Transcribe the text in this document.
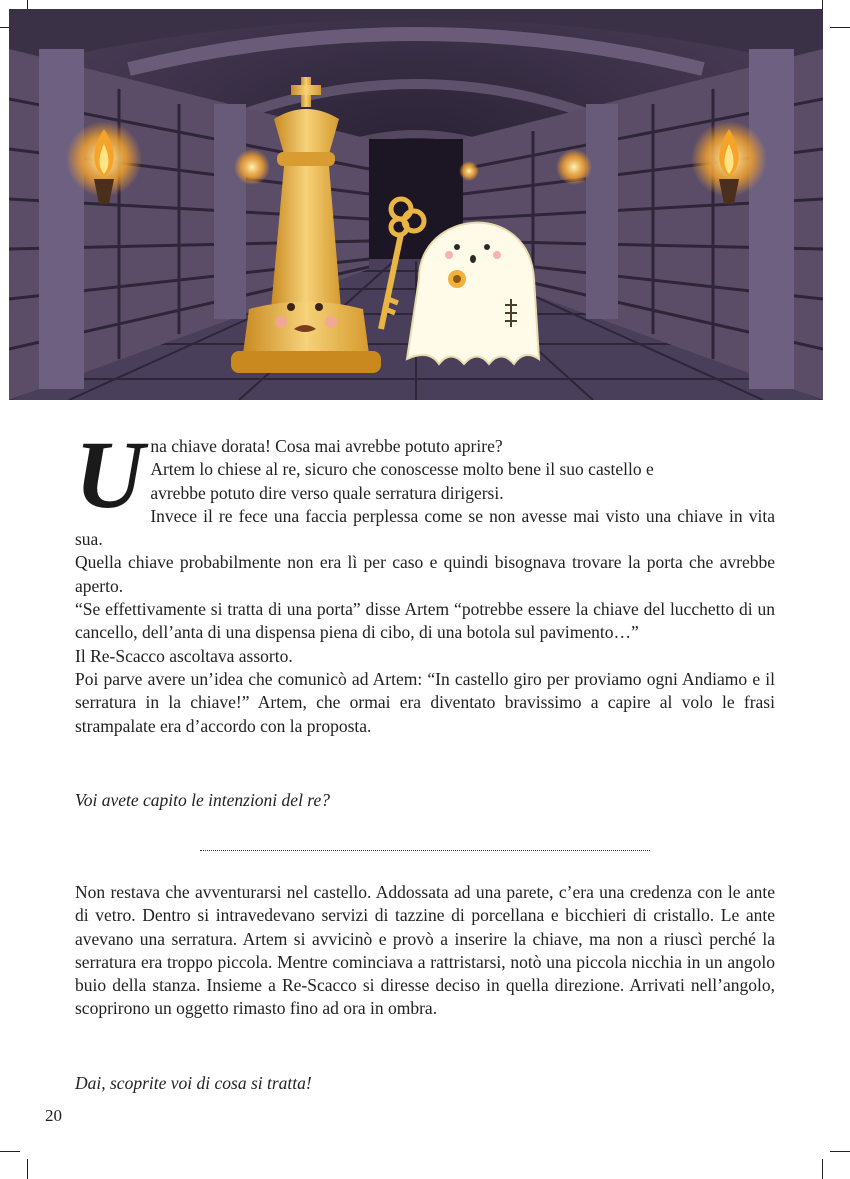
U na chiave dorata! Cosa mai avrebbe potuto aprire?
Artem lo chiese al re, sicuro che conoscesse molto bene il suo castello e
avrebbe potuto dire verso quale serratura dirigersi.

Invece il re fece una faccia perplessa come se non avesse mai visto una chiave in vita sua.

Quella chiave probabilmente non era lì per caso e quindi bisognava trovare la porta che avrebbe aperto.

“Se effettivamente si tratta di una porta” disse Artem “potrebbe essere la chiave del lucchetto di un cancello, dell’anta di una dispensa piena di cibo, di una botola sul pavimento…”

Il Re-Scacco ascoltava assorto.

Poi parve avere un’idea che comunicò ad Artem: “In castello giro per proviamo ogni Andiamo e il serratura in la chiave!” Artem, che ormai era diventato bravissimo a capire al volo le frasi strampalate era d’accordo con la proposta.

Voi avete capito le intenzioni del re?

Non restava che avventurarsi nel castello. Addossata ad una parete, c’era una credenza con le ante di vetro. Dentro si intravedevano servizi di tazzine di porcellana e bicchieri di cristallo. Le ante avevano una serratura. Artem si avvicinò e provò a inserire la chiave, ma non a riuscì perché la serratura era troppo piccola. Mentre cominciava a rattristarsi, notò una piccola nicchia in un angolo buio della stanza. Insieme a Re-Scacco si diresse deciso in quella direzione. Arrivati nell’angolo, scoprirono un oggetto rimasto fino ad ora in ombra.

Dai, scoprite voi di cosa si tratta!
20
